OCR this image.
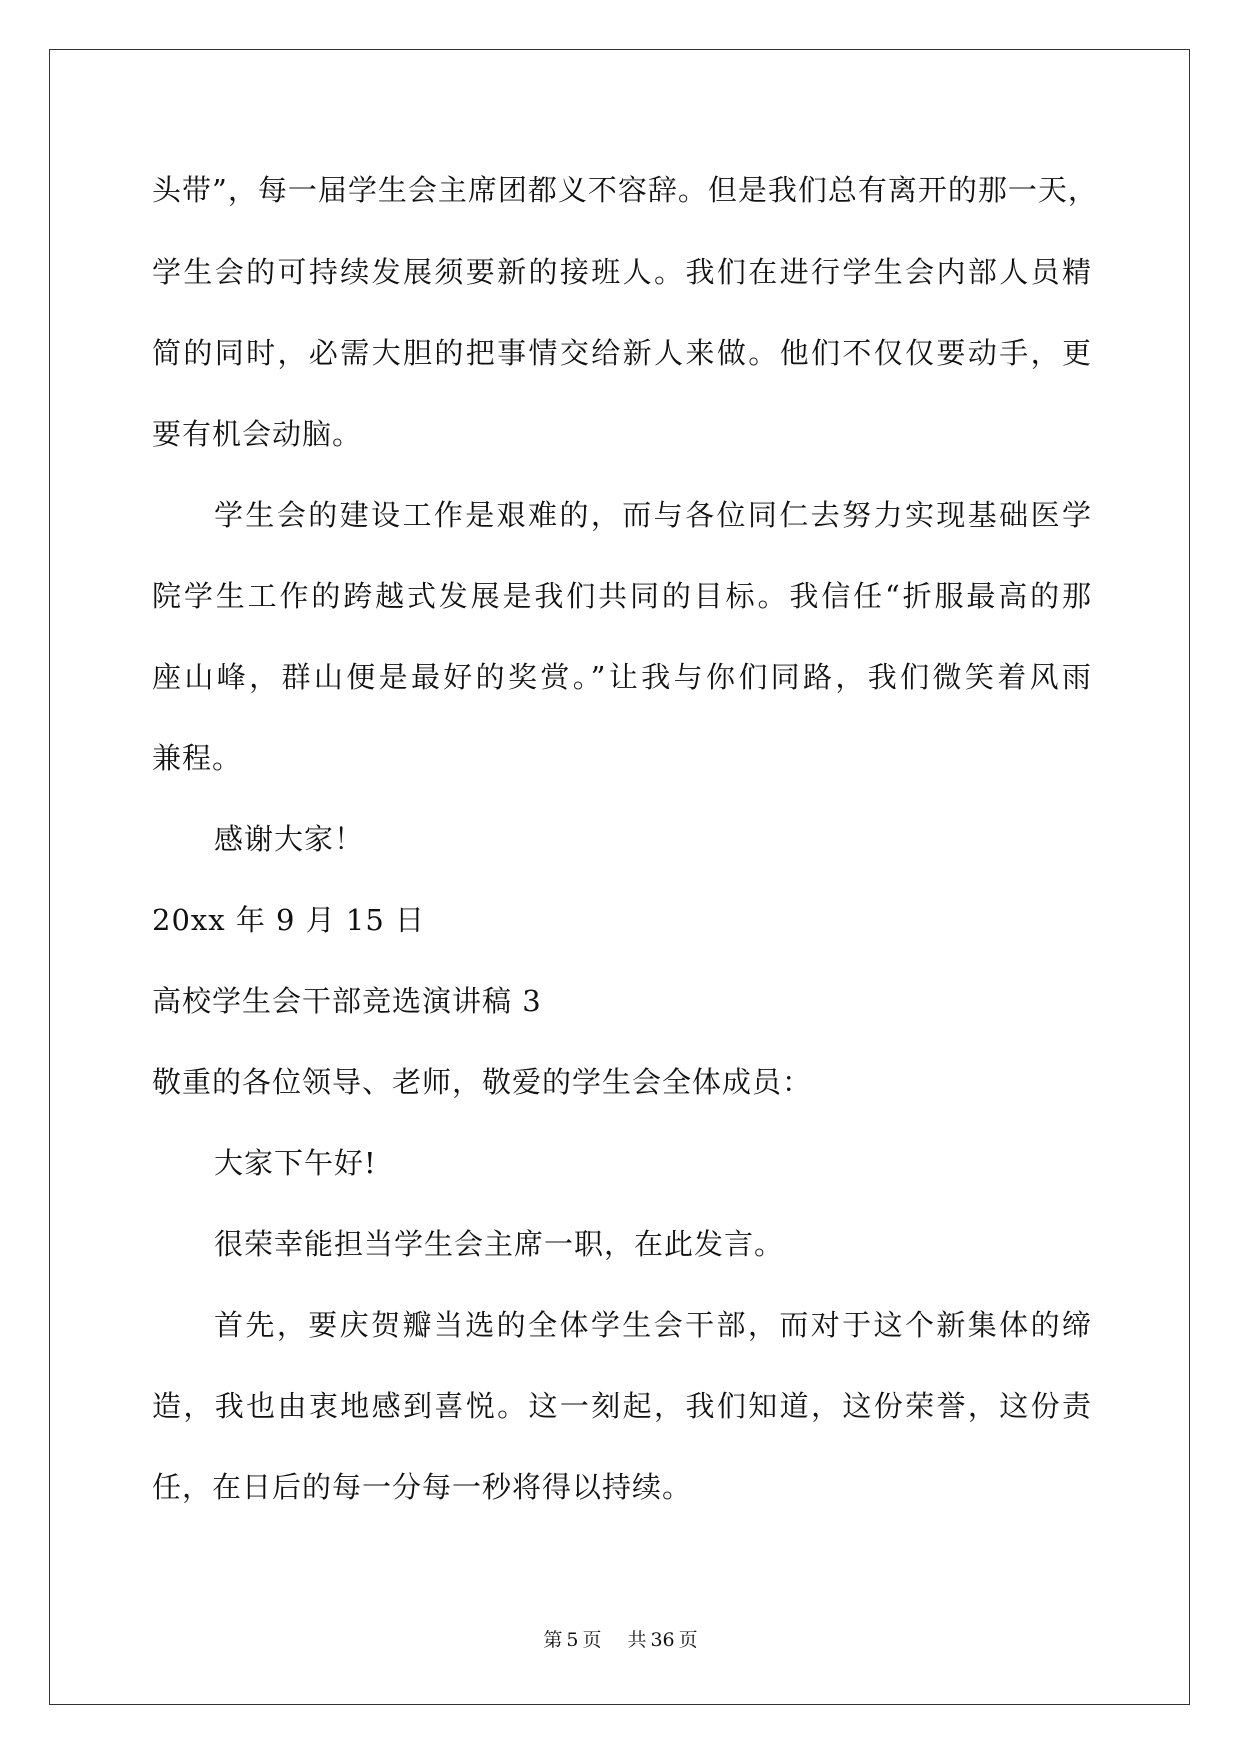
头带”，每一届学生会主席团都义不容辞。但是我们总有离开的那一天，
学生会的可持续发展须要新的接班人。我们在进行学生会内部人员精
简的同时，必需大胆的把事情交给新人来做。他们不仅仅要动手，更
要有机会动脑。
学生会的建设工作是艰难的，而与各位同仁去努力实现基础医学
院学生工作的跨越式发展是我们共同的目标。我信任“折服最高的那
座山峰，群山便是最好的奖赏。”让我与你们同路，我们微笑着风雨
兼程。
感谢大家！
20xx 年 9 月 15 日
高校学生会干部竞选演讲稿 3
敬重的各位领导、老师，敬爱的学生会全体成员：
大家下午好!
很荣幸能担当学生会主席一职，在此发言。
首先，要庆贺瓣当选的全体学生会干部，而对于这个新集体的缔
造，我也由衷地感到喜悦。这一刻起，我们知道，这份荣誉，这份责
任，在日后的每一分每一秒将得以持续。
第 5 页 共 36 页
